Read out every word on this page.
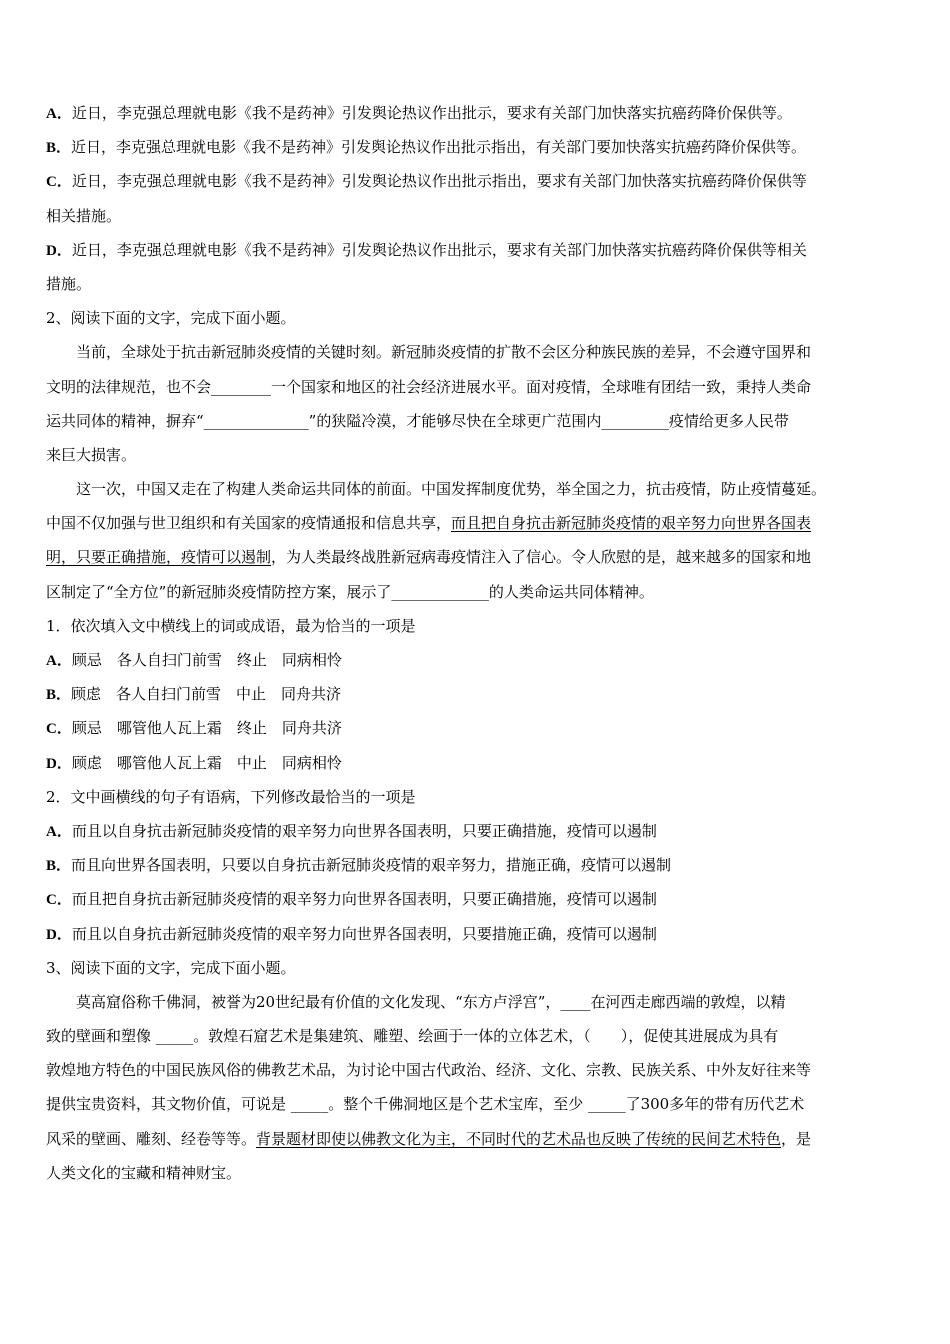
A．近日，李克强总理就电影《我不是药神》引发舆论热议作出批示，要求有关部门加快落实抗癌药降价保供等。
B．近日，李克强总理就电影《我不是药神》引发舆论热议作出批示指出，有关部门要加快落实抗癌药降价保供等。
C．近日，李克强总理就电影《我不是药神》引发舆论热议作出批示指出，要求有关部门加快落实抗癌药降价保供等
相关措施。
D．近日，李克强总理就电影《我不是药神》引发舆论热议作出批示，要求有关部门加快落实抗癌药降价保供等相关
措施。
2、阅读下面的文字，完成下面小题。
当前，全球处于抗击新冠肺炎疫情的关键时刻。新冠肺炎疫情的扩散不会区分种族民族的差异，不会遵守国界和
文明的法律规范，也不会________一个国家和地区的社会经济进展水平。面对疫情，全球唯有团结一致，秉持人类命
运共同体的精神，摒弃“______________”的狭隘冷漠，才能够尽快在全球更广范围内_________疫情给更多人民带
来巨大损害。
这一次，中国又走在了构建人类命运共同体的前面。中国发挥制度优势，举全国之力，抗击疫情，防止疫情蔓延。
中国不仅加强与世卫组织和有关国家的疫情通报和信息共享，而且把自身抗击新冠肺炎疫情的艰辛努力向世界各国表
明，只要正确措施，疫情可以遏制，为人类最终战胜新冠病毒疫情注入了信心。令人欣慰的是，越来越多的国家和地
区制定了“全方位”的新冠肺炎疫情防控方案，展示了_____________的人类命运共同体精神。
1．依次填入文中横线上的词或成语，最为恰当的一项是
A．顾忌　各人自扫门前雪　终止　同病相怜
B．顾虑　各人自扫门前雪　中止　同舟共济
C．顾忌　哪管他人瓦上霜　终止　同舟共济
D．顾虑　哪管他人瓦上霜　中止　同病相怜
2．文中画横线的句子有语病，下列修改最恰当的一项是
A．而且以自身抗击新冠肺炎疫情的艰辛努力向世界各国表明，只要正确措施，疫情可以遏制
B．而且向世界各国表明，只要以自身抗击新冠肺炎疫情的艰辛努力，措施正确，疫情可以遏制
C．而且把自身抗击新冠肺炎疫情的艰辛努力向世界各国表明，只要正确措施，疫情可以遏制
D．而且以自身抗击新冠肺炎疫情的艰辛努力向世界各国表明，只要措施正确，疫情可以遏制
3、阅读下面的文字，完成下面小题。
莫高窟俗称千佛洞，被誉为20世纪最有价值的文化发现、“东方卢浮宫”，____在河西走廊西端的敦煌，以精
致的壁画和塑像 _____。敦煌石窟艺术是集建筑、雕塑、绘画于一体的立体艺术，（　　），促使其进展成为具有
敦煌地方特色的中国民族风俗的佛教艺术品，为讨论中国古代政治、经济、文化、宗教、民族关系、中外友好往来等
提供宝贵资料，其文物价值，可说是 _____。整个千佛洞地区是个艺术宝库，至少 _____了300多年的带有历代艺术
风采的壁画、雕刻、经卷等等。背景题材即使以佛教文化为主，不同时代的艺术品也反映了传统的民间艺术特色，是
人类文化的宝藏和精神财宝。
